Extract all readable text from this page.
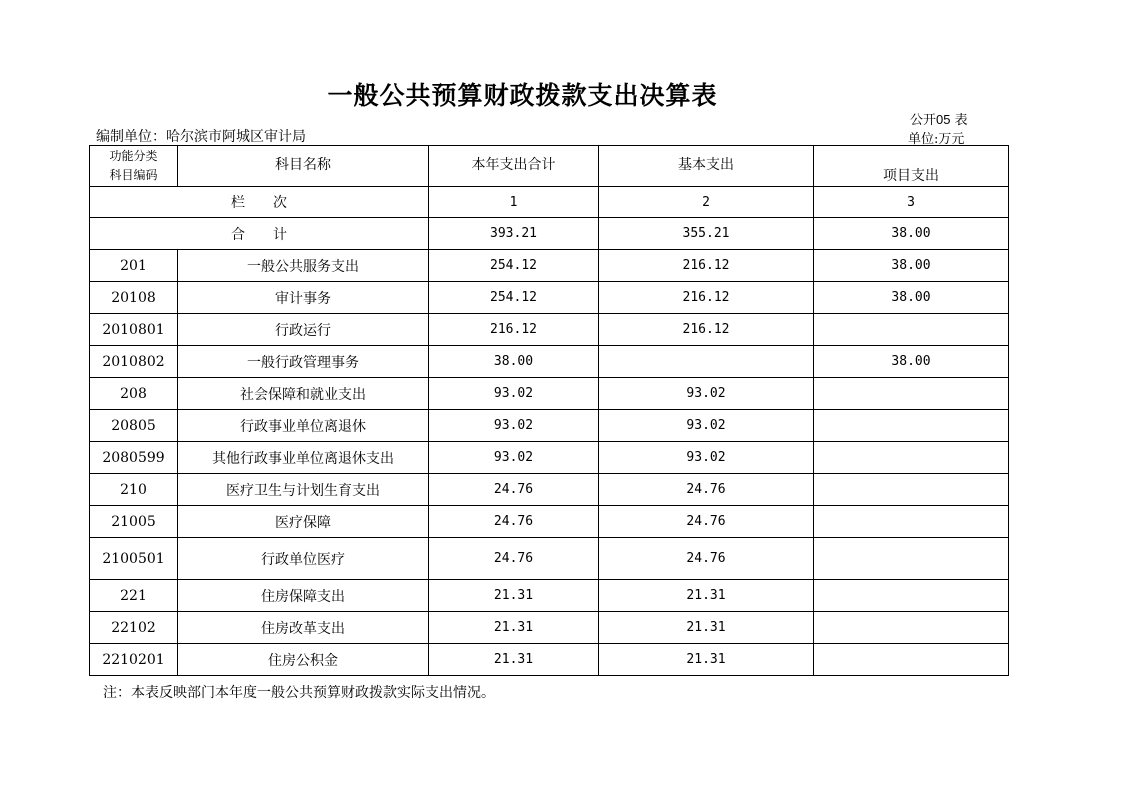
一般公共预算财政拨款支出决算表
公开05 表
单位:万元
编制单位：哈尔滨市阿城区审计局
功能分类
科目编码	科目名称	本年支出合计	基本支出	项目支出
栏　　次		1	2	3
合　　计		393.21	355.21	38.00
201	一般公共服务支出	254.12	216.12	38.00
20108	审计事务	254.12	216.12	38.00
2010801	行政运行	216.12	216.12	
2010802	一般行政管理事务	38.00		38.00
208	社会保障和就业支出	93.02	93.02	
20805	行政事业单位离退休	93.02	93.02	
2080599	其他行政事业单位离退休支出	93.02	93.02	
210	医疗卫生与计划生育支出	24.76	24.76	
21005	医疗保障	24.76	24.76	
2100501	行政单位医疗	24.76	24.76	
221	住房保障支出	21.31	21.31	
22102	住房改革支出	21.31	21.31	
2210201	住房公积金	21.31	21.31	
注：本表反映部门本年度一般公共预算财政拨款实际支出情况。
